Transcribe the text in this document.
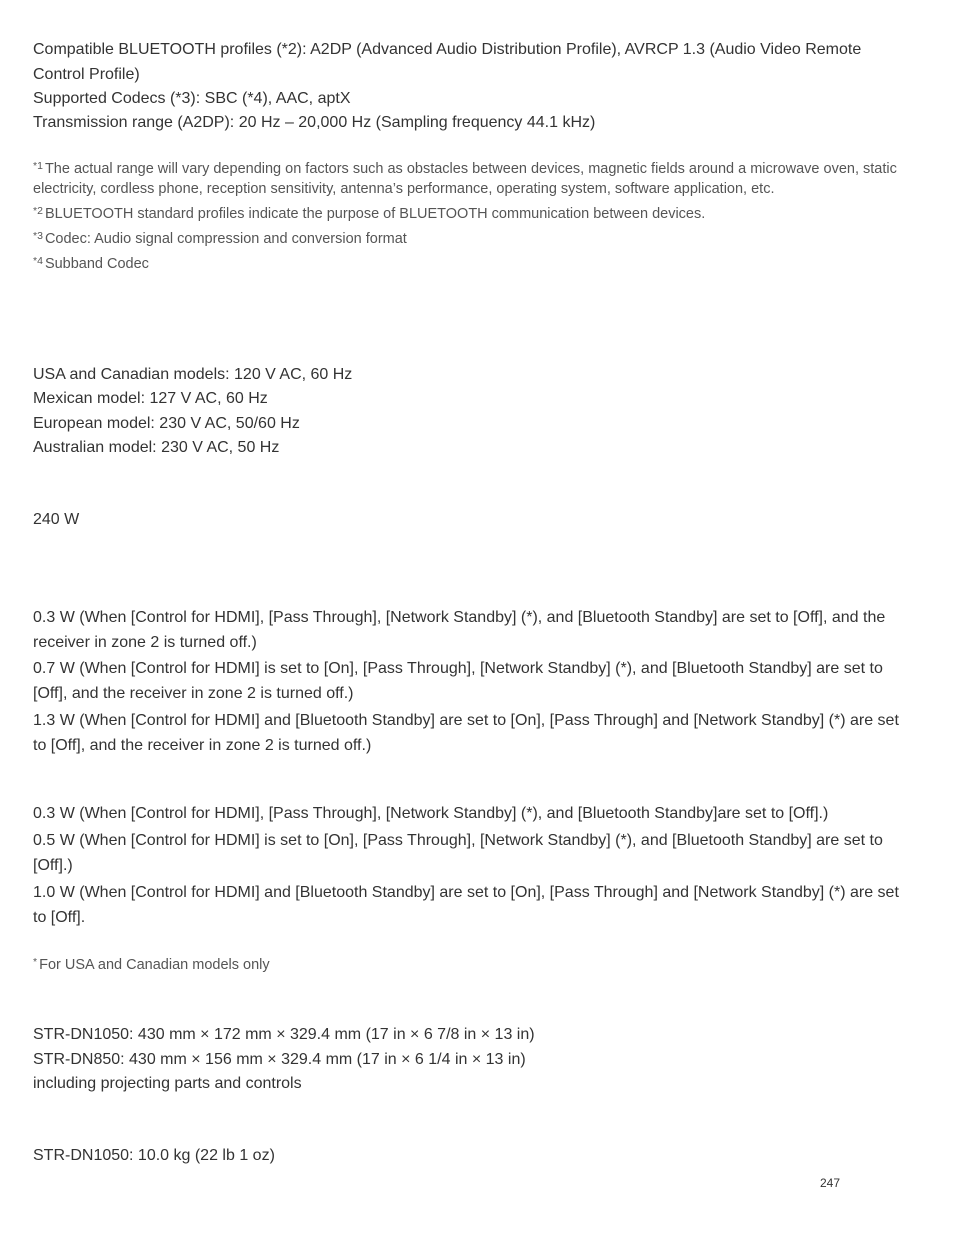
Compatible BLUETOOTH profiles (*2): A2DP (Advanced Audio Distribution Profile), AVRCP 1.3 (Audio Video Remote Control Profile)
Supported Codecs (*3): SBC (*4), AAC, aptX
Transmission range (A2DP): 20 Hz – 20,000 Hz (Sampling frequency 44.1 kHz)
$^{*1}$ The actual range will vary depending on factors such as obstacles between devices, magnetic fields around a microwave oven, static electricity, cordless phone, reception sensitivity, antenna’s performance, operating system, software application, etc.
$^{*2}$ BLUETOOTH standard profiles indicate the purpose of BLUETOOTH communication between devices.
$^{*3}$ Codec: Audio signal compression and conversion format
$^{*4}$ Subband Codec
USA and Canadian models: 120 V AC, 60 Hz
Mexican model: 127 V AC, 60 Hz
European model: 230 V AC, 50/60 Hz
Australian model: 230 V AC, 50 Hz
240 W
0.3 W (When [Control for HDMI], [Pass Through], [Network Standby] (*), and [Bluetooth Standby] are set to [Off], and the receiver in zone 2 is turned off.)
0.7 W (When [Control for HDMI] is set to [On], [Pass Through], [Network Standby] (*), and [Bluetooth Standby] are set to [Off], and the receiver in zone 2 is turned off.)
1.3 W (When [Control for HDMI] and [Bluetooth Standby] are set to [On], [Pass Through] and [Network Standby] (*) are set to [Off], and the receiver in zone 2 is turned off.)
0.3 W (When [Control for HDMI], [Pass Through], [Network Standby] (*), and [Bluetooth Standby]are set to [Off].)
0.5 W (When [Control for HDMI] is set to [On], [Pass Through], [Network Standby] (*), and [Bluetooth Standby] are set to [Off].)
1.0 W (When [Control for HDMI] and [Bluetooth Standby] are set to [On], [Pass Through] and [Network Standby] (*) are set to [Off].
* For USA and Canadian models only
STR-DN1050: 430 mm × 172 mm × 329.4 mm (17 in × 6 7/8 in × 13 in)
STR-DN850: 430 mm × 156 mm × 329.4 mm (17 in × 6 1/4 in × 13 in)
including projecting parts and controls
STR-DN1050: 10.0 kg (22 lb 1 oz)
247
